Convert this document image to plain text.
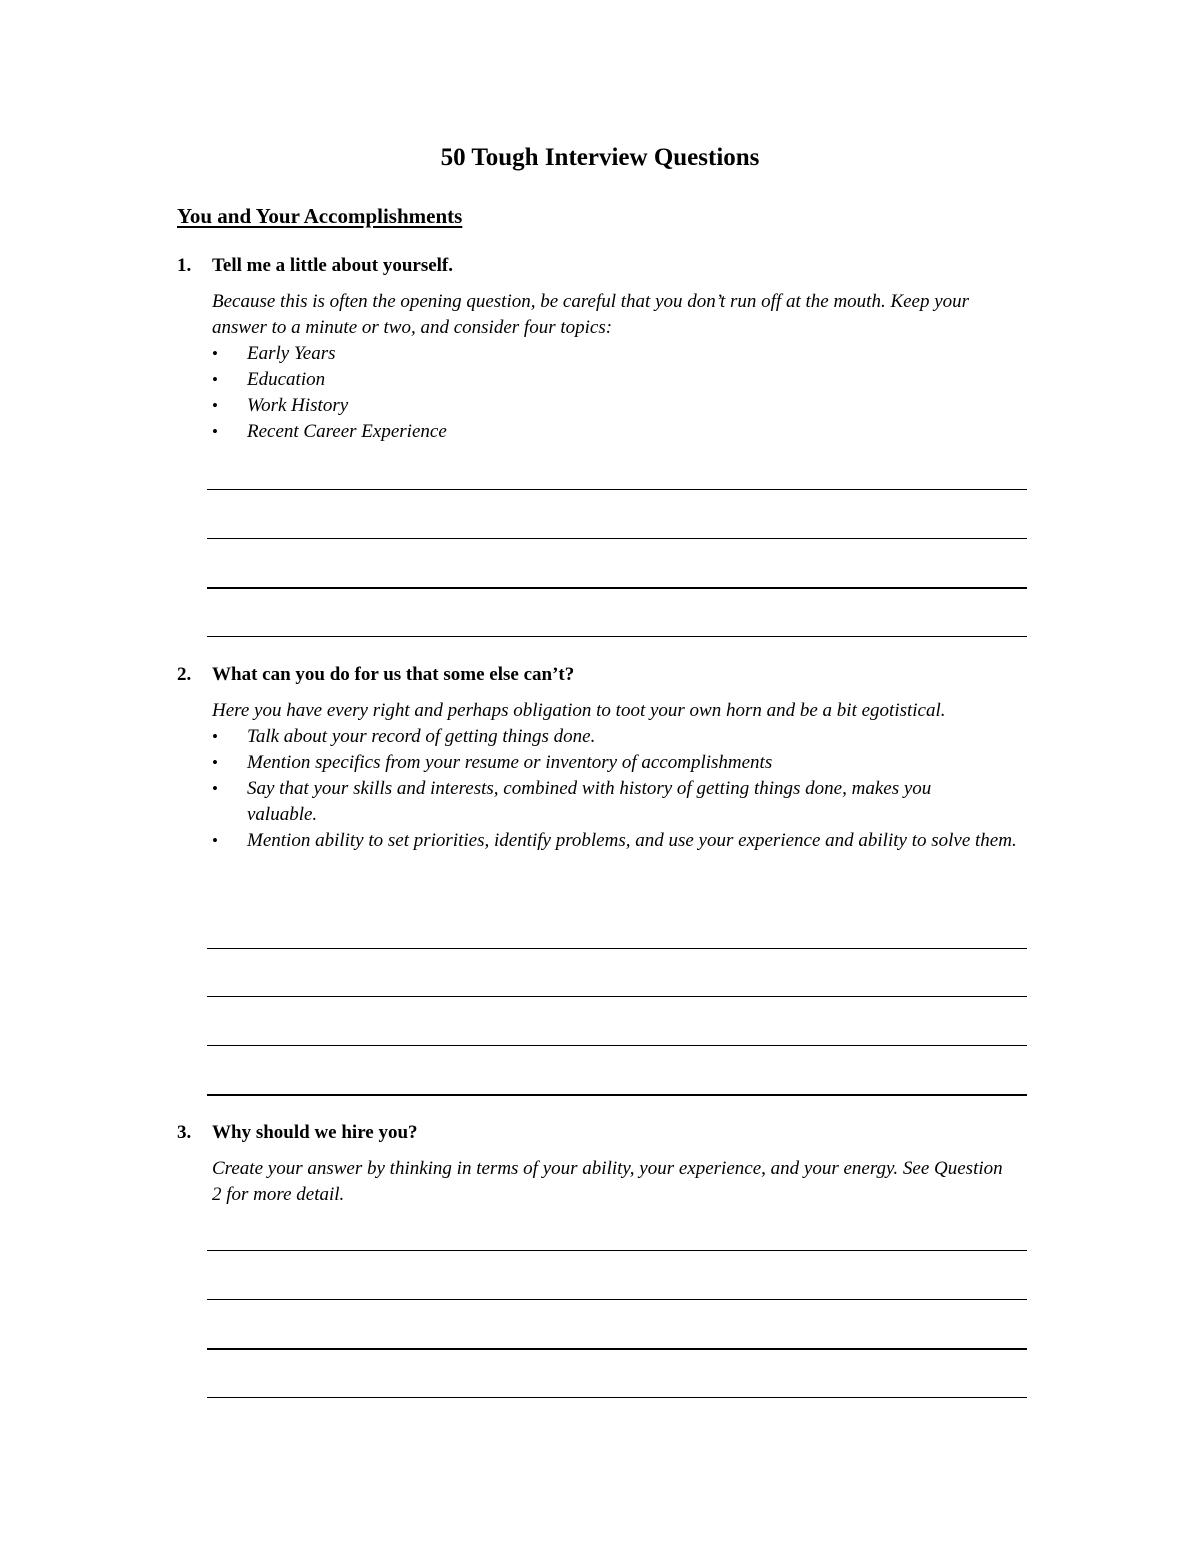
50 Tough Interview Questions
You and Your Accomplishments
1.	Tell me a little about yourself.

Because this is often the opening question, be careful that you don’t run off at the mouth. Keep your answer to a minute or two, and consider four topics:

• Early Years
• Education
• Work History
• Recent Career Experience
2.	What can you do for us that some else can’t?

Here you have every right and perhaps obligation to toot your own horn and be a bit egotistical.

• Talk about your record of getting things done.
• Mention specifics from your resume or inventory of accomplishments
• Say that your skills and interests, combined with history of getting things done, makes you valuable.
• Mention ability to set priorities, identify problems, and use your experience and ability to solve them.
3.	Why should we hire you?

Create your answer by thinking in terms of your ability, your experience, and your energy. See Question 2 for more detail.
